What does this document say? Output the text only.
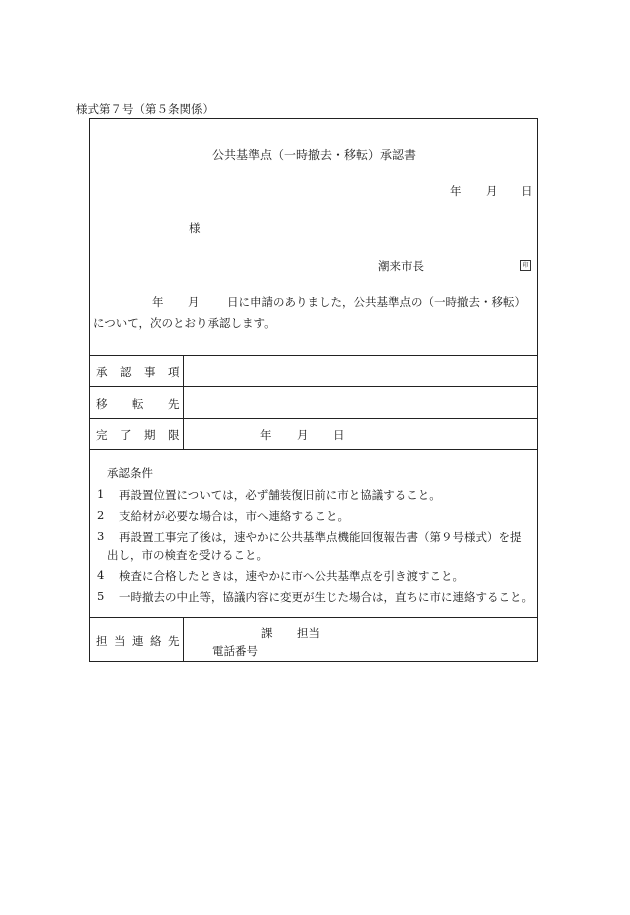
様式第７号（第５条関係）
公共基準点（一時撤去・移転）承認書
年 月 日
様
潮来市長	印
年 月 日に申請のありました，公共基準点の（一時撤去・移転）
について，次のとおり承認します。
承 認 事 項
移 転 先
完 了 期 限	年 月 日
承認条件
1 再設置位置については，必ず舗装復旧前に市と協議すること。
2 支給材が必要な場合は，市へ連絡すること。
3 再設置工事完了後は，速やかに公共基準点機能回復報告書（第９号様式）を提
出し，市の検査を受けること。
4 検査に合格したときは，速やかに市へ公共基準点を引き渡すこと。
5 一時撤去の中止等，協議内容に変更が生じた場合は，直ちに市に連絡すること。
担 当 連 絡 先
課 担当
電話番号
